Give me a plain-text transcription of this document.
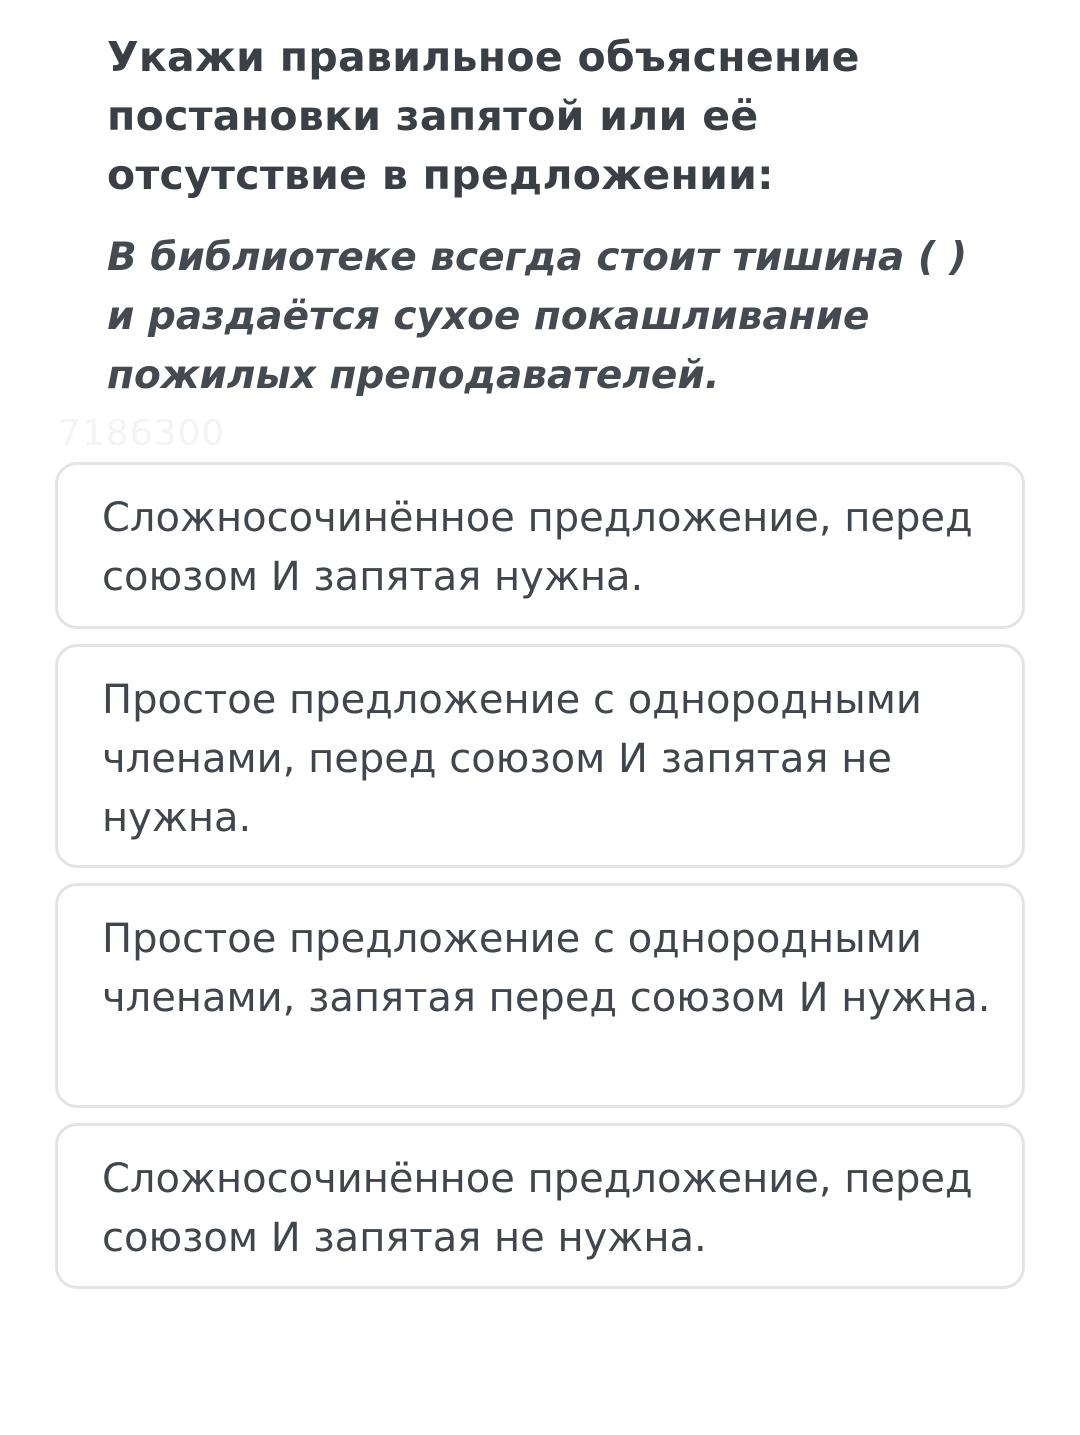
Укажи правильное объяснение постановки запятой или её отсутствие в предложении:

В библиотеке всегда стоит тишина ( ) и раздаётся сухое покашливание пожилых преподавателей.

7186300
Сложносочинённое предложение, перед союзом И запятая нужна.
Простое предложение с однородными членами, перед союзом И запятая не нужна.
Простое предложение с однородными членами, запятая перед союзом И нужна.
Сложносочинённое предложение, перед союзом И запятая не нужна.
